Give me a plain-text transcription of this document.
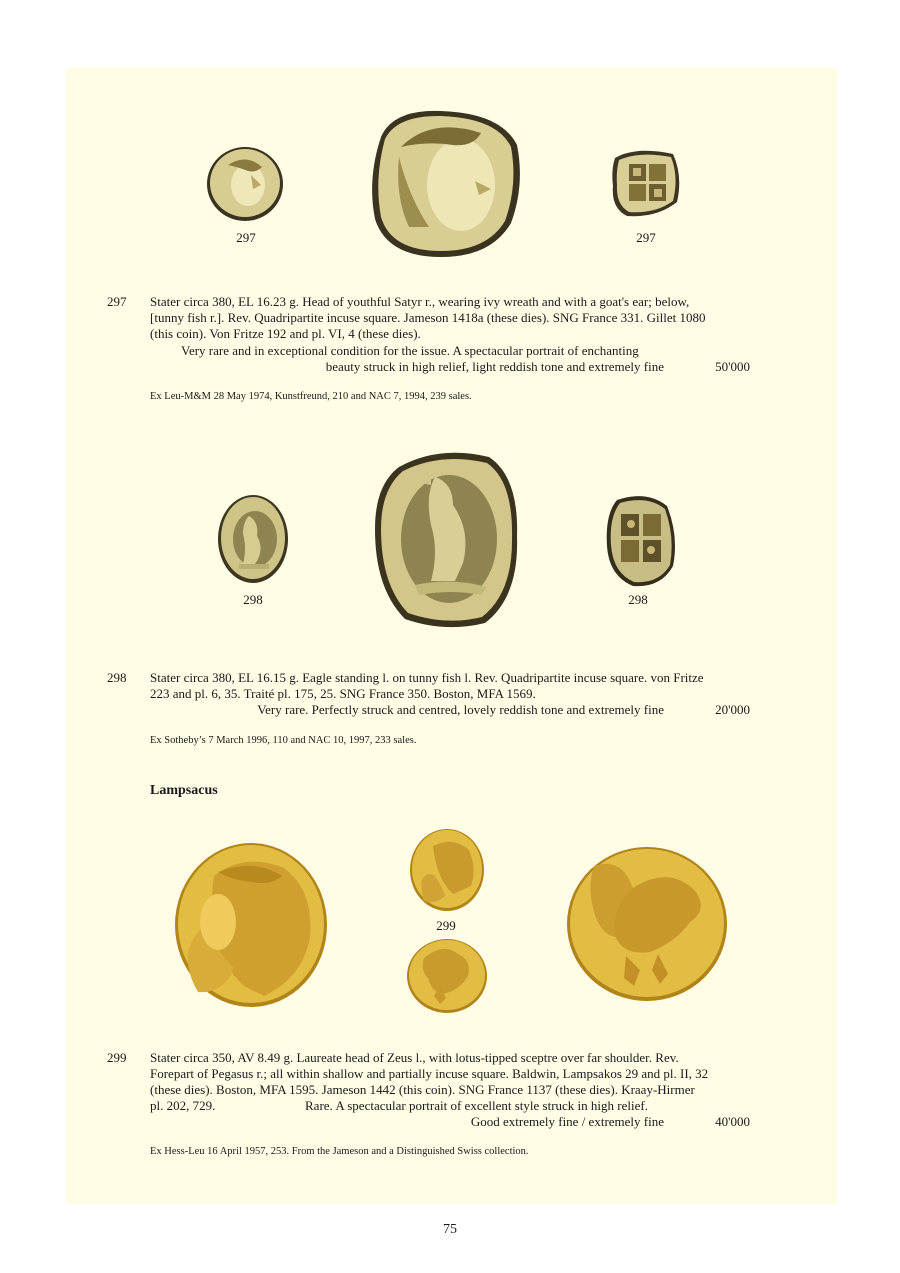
297	297
297 Stater circa 380, EL 16.23 g. Head of youthful Satyr r., wearing ivy wreath and with a goat's ear; below,
[tunny fish r.]. Rev. Quadripartite incuse square. Jameson 1418a (these dies). SNG France 331. Gillet 1080
(this coin). Von Fritze 192 and pl. VI, 4 (these dies).
Very rare and in exceptional condition for the issue. A spectacular portrait of enchanting
beauty struck in high relief, light reddish tone and extremely fine	50'000
Ex Leu-M&M 28 May 1974, Kunstfreund, 210 and NAC 7, 1994, 239 sales.
298	298
298 Stater circa 380, EL 16.15 g. Eagle standing l. on tunny fish l. Rev. Quadripartite incuse square. von Fritze
223 and pl. 6, 35. Traité pl. 175, 25. SNG France 350. Boston, MFA 1569.
Very rare. Perfectly struck and centred, lovely reddish tone and extremely fine	20'000
Ex Sotheby’s 7 March 1996, 110 and NAC 10, 1997, 233 sales.
Lampsacus
299
299 Stater circa 350, AV 8.49 g. Laureate head of Zeus l., with lotus-tipped sceptre over far shoulder. Rev.
Forepart of Pegasus r.; all within shallow and partially incuse square. Baldwin, Lampsakos 29 and pl. II, 32
(these dies). Boston, MFA 1595. Jameson 1442 (this coin). SNG France 1137 (these dies). Kraay-Hirmer
pl. 202, 729.	Rare. A spectacular portrait of excellent style struck in high relief.
Good extremely fine / extremely fine	40'000
Ex Hess-Leu 16 April 1957, 253. From the Jameson and a Distinguished Swiss collection.
75
